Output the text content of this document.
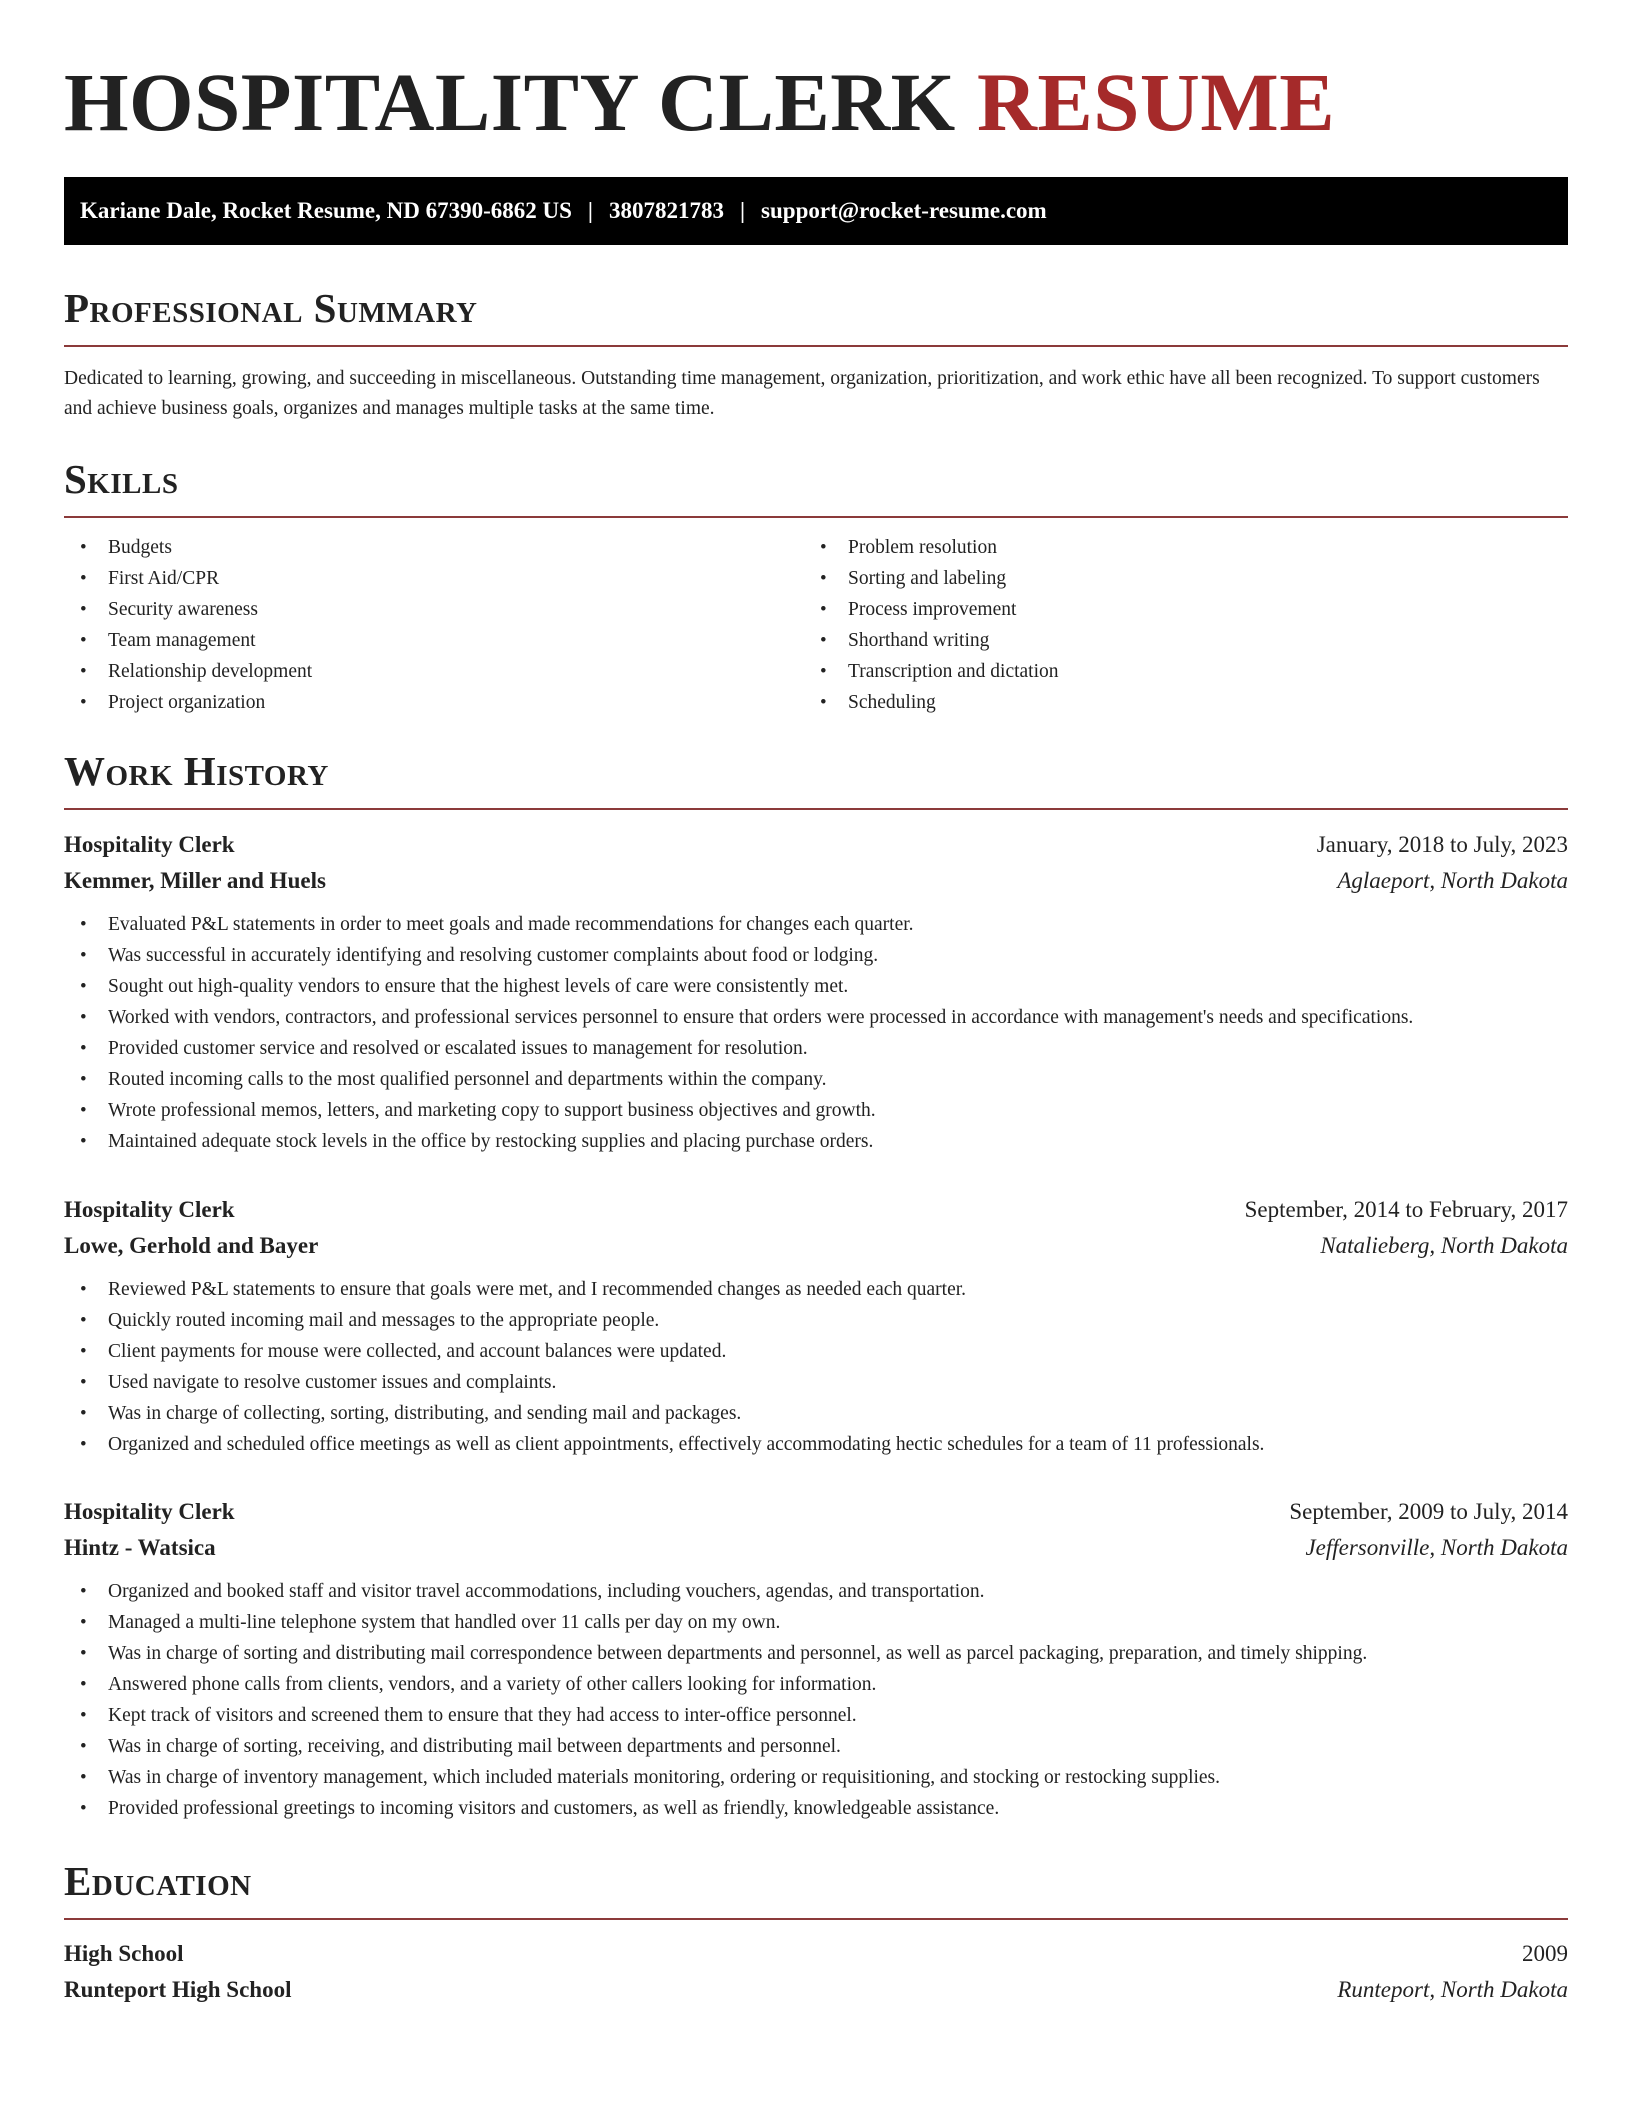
HOSPITALITY CLERK RESUME
Kariane Dale, Rocket Resume, ND 67390-6862 US | 3807821783 | support@rocket-resume.com
Professional Summary

Dedicated to learning, growing, and succeeding in miscellaneous. Outstanding time management, organization, prioritization, and work ethic have all been recognized. To support customers and achieve business goals, organizes and manages multiple tasks at the same time.

Skills
• Budgets
• First Aid/CPR
• Security awareness
• Team management
• Relationship development
• Project organization
• Problem resolution
• Sorting and labeling
• Process improvement
• Shorthand writing
• Transcription and dictation
• Scheduling
Work History
Hospitality Clerk	January, 2018 to July, 2023
Kemmer, Miller and Huels	Aglaeport, North Dakota
• Evaluated P&L statements in order to meet goals and made recommendations for changes each quarter.
• Was successful in accurately identifying and resolving customer complaints about food or lodging.
• Sought out high-quality vendors to ensure that the highest levels of care were consistently met.
• Worked with vendors, contractors, and professional services personnel to ensure that orders were processed in accordance with management's needs and specifications.
• Provided customer service and resolved or escalated issues to management for resolution.
• Routed incoming calls to the most qualified personnel and departments within the company.
• Wrote professional memos, letters, and marketing copy to support business objectives and growth.
• Maintained adequate stock levels in the office by restocking supplies and placing purchase orders.
Hospitality Clerk	September, 2014 to February, 2017
Lowe, Gerhold and Bayer	Natalieberg, North Dakota
• Reviewed P&L statements to ensure that goals were met, and I recommended changes as needed each quarter.
• Quickly routed incoming mail and messages to the appropriate people.
• Client payments for mouse were collected, and account balances were updated.
• Used navigate to resolve customer issues and complaints.
• Was in charge of collecting, sorting, distributing, and sending mail and packages.
• Organized and scheduled office meetings as well as client appointments, effectively accommodating hectic schedules for a team of 11 professionals.
Hospitality Clerk	September, 2009 to July, 2014
Hintz - Watsica	Jeffersonville, North Dakota
• Organized and booked staff and visitor travel accommodations, including vouchers, agendas, and transportation.
• Managed a multi-line telephone system that handled over 11 calls per day on my own.
• Was in charge of sorting and distributing mail correspondence between departments and personnel, as well as parcel packaging, preparation, and timely shipping.
• Answered phone calls from clients, vendors, and a variety of other callers looking for information.
• Kept track of visitors and screened them to ensure that they had access to inter-office personnel.
• Was in charge of sorting, receiving, and distributing mail between departments and personnel.
• Was in charge of inventory management, which included materials monitoring, ordering or requisitioning, and stocking or restocking supplies.
• Provided professional greetings to incoming visitors and customers, as well as friendly, knowledgeable assistance.
Education
High School	2009
Runteport High School	Runteport, North Dakota
